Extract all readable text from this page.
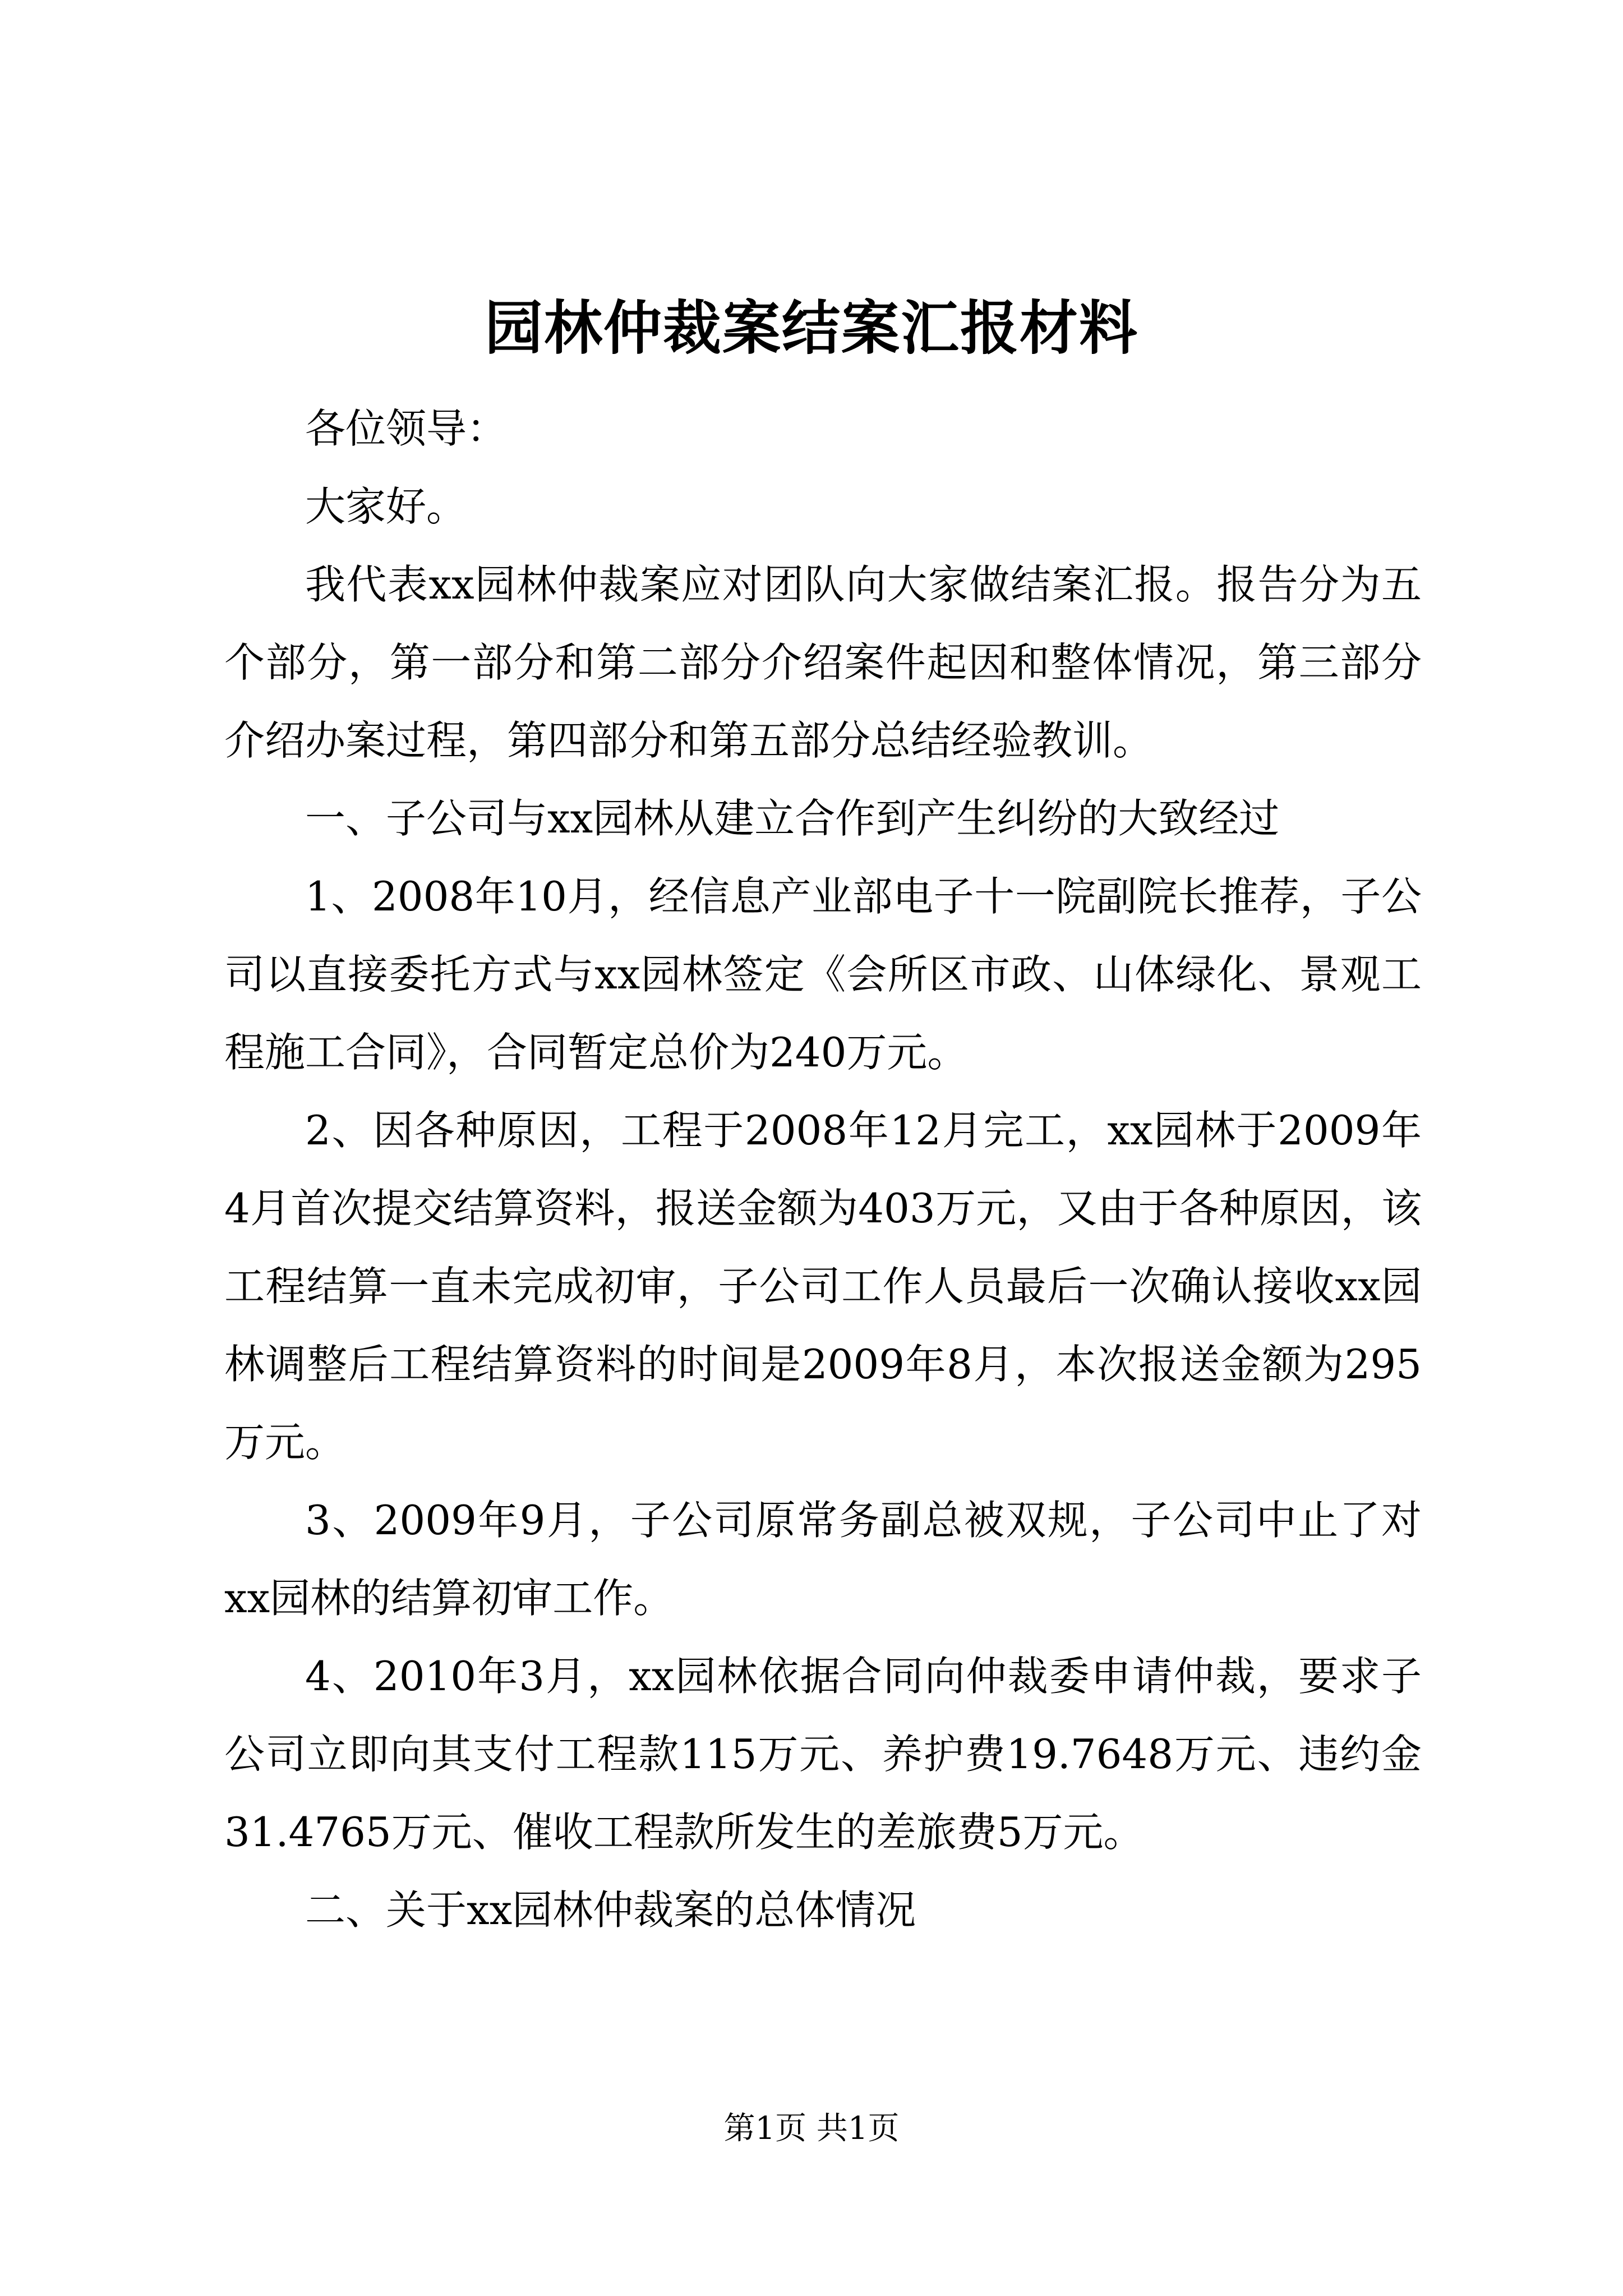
园林仲裁案结案汇报材料

各位领导：

大家好。

我代表xx园林仲裁案应对团队向大家做结案汇报。报告分为五个部分，第一部分和第二部分介绍案件起因和整体情况，第三部分介绍办案过程，第四部分和第五部分总结经验教训。

一、子公司与xx园林从建立合作到产生纠纷的大致经过

1、2008年10月，经信息产业部电子十一院副院长推荐，子公司以直接委托方式与xx园林签定《会所区市政、山体绿化、景观工程施工合同》，合同暂定总价为240万元。

2、因各种原因，工程于2008年12月完工，xx园林于2009年4月首次提交结算资料，报送金额为403万元，又由于各种原因，该工程结算一直未完成初审，子公司工作人员最后一次确认接收xx园林调整后工程结算资料的时间是2009年8月，本次报送金额为295万元。

3、2009年9月，子公司原常务副总被双规，子公司中止了对xx园林的结算初审工作。

4、2010年3月，xx园林依据合同向仲裁委申请仲裁，要求子公司立即向其支付工程款115万元、养护费19.7648万元、违约金31.4765万元、催收工程款所发生的差旅费5万元。

二、关于xx园林仲裁案的总体情况

第1页 共1页
